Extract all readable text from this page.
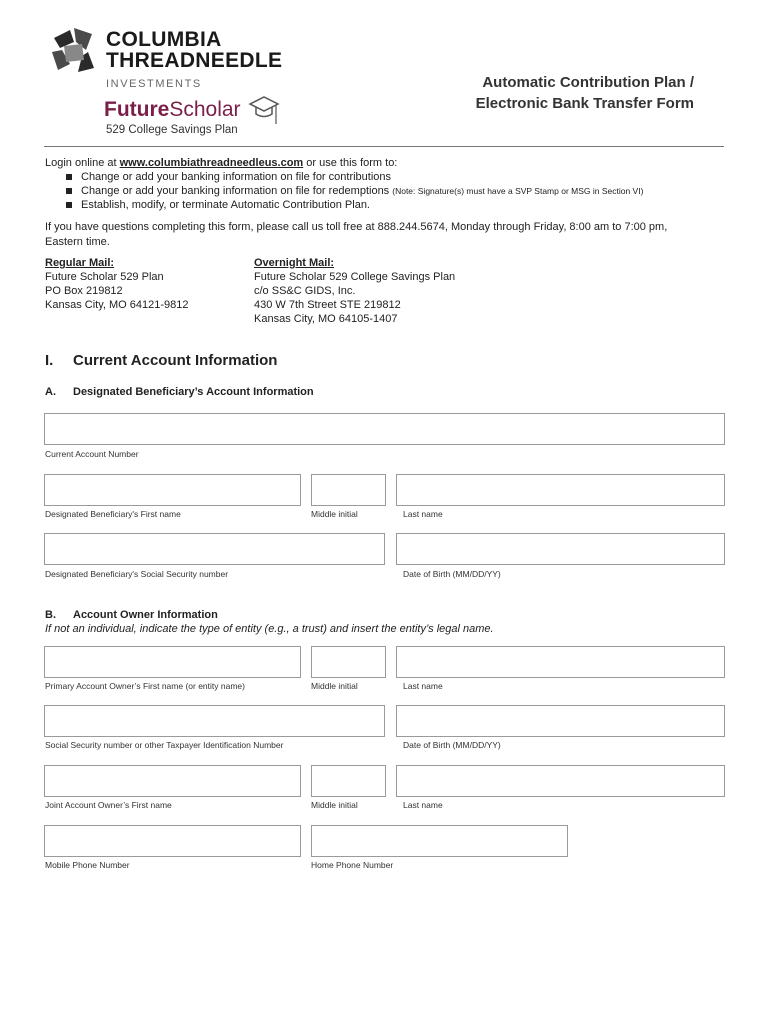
COLUMBIA
THREADNEEDLE
INVESTMENTS
FutureScholar
529 College Savings Plan
Automatic Contribution Plan /
Electronic Bank Transfer Form
Login online at www.columbiathreadneedleus.com or use this form to:
Change or add your banking information on file for contributions
Change or add your banking information on file for redemptions (Note: Signature(s) must have a SVP Stamp or MSG in Section VI)
Establish, modify, or terminate Automatic Contribution Plan.
If you have questions completing this form, please call us toll free at 888.244.5674, Monday through Friday, 8:00 am to 7:00 pm, Eastern time.
Regular Mail:
Future Scholar 529 Plan
PO Box 219812
Kansas City, MO 64121-9812
Overnight Mail:
Future Scholar 529 College Savings Plan
c/o SS&C GIDS, Inc.
430 W 7th Street STE 219812
Kansas City, MO 64105-1407
I. Current Account Information
A. Designated Beneficiary’s Account Information
Current Account Number
Designated Beneficiary's First name	Middle initial	Last name
Designated Beneficiary's Social Security number	Date of Birth (MM/DD/YY)
B. Account Owner Information
If not an individual, indicate the type of entity (e.g., a trust) and insert the entity’s legal name.
Primary Account Owner’s First name (or entity name)	Middle initial	Last name
Social Security number or other Taxpayer Identification Number	Date of Birth (MM/DD/YY)
Joint Account Owner’s First name	Middle initial	Last name
Mobile Phone Number	Home Phone Number
